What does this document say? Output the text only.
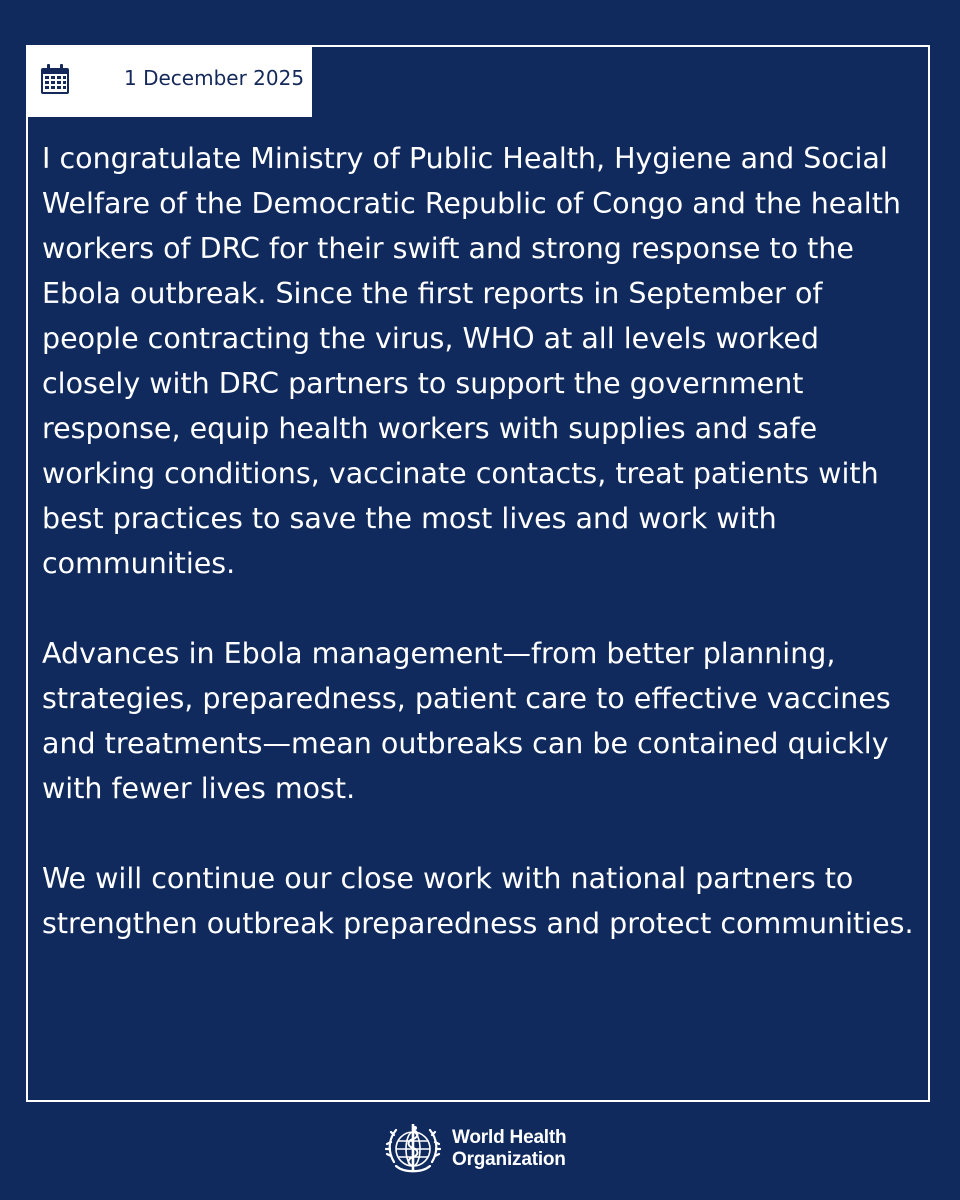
1 December 2025

I congratulate Ministry of Public Health, Hygiene and Social Welfare of the Democratic Republic of Congo and the health workers of DRC for their swift and strong response to the Ebola outbreak. Since the first reports in September of people contracting the virus, WHO at all levels worked closely with DRC partners to support the government response, equip health workers with supplies and safe working conditions, vaccinate contacts, treat patients with best practices to save the most lives and work with communities.

Advances in Ebola management—from better planning, strategies, preparedness, patient care to effective vaccines and treatments—mean outbreaks can be contained quickly with fewer lives most.

We will continue our close work with national partners to strengthen outbreak preparedness and protect communities.

World Health
Organization
